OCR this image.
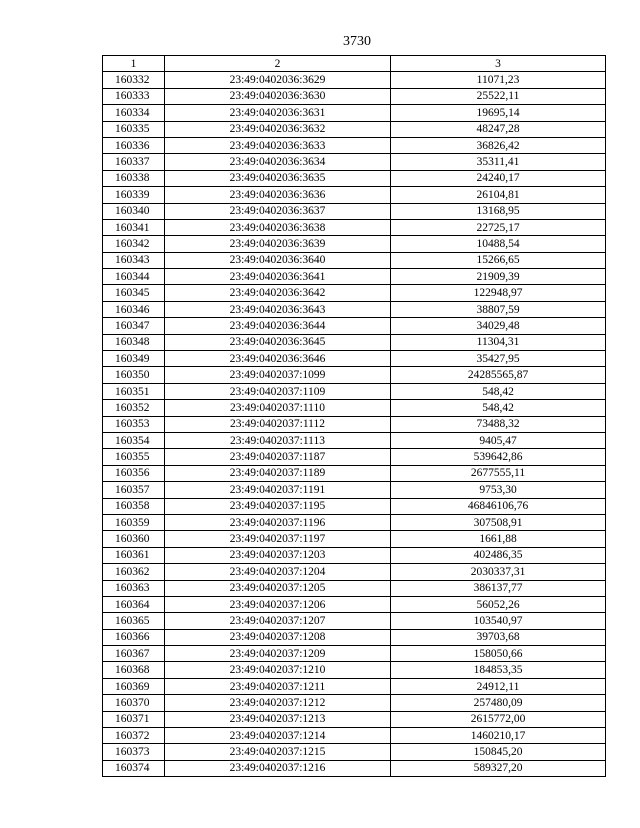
3730
1	2	3
160332	23:49:0402036:3629	11071,23
160333	23:49:0402036:3630	25522,11
160334	23:49:0402036:3631	19695,14
160335	23:49:0402036:3632	48247,28
160336	23:49:0402036:3633	36826,42
160337	23:49:0402036:3634	35311,41
160338	23:49:0402036:3635	24240,17
160339	23:49:0402036:3636	26104,81
160340	23:49:0402036:3637	13168,95
160341	23:49:0402036:3638	22725,17
160342	23:49:0402036:3639	10488,54
160343	23:49:0402036:3640	15266,65
160344	23:49:0402036:3641	21909,39
160345	23:49:0402036:3642	122948,97
160346	23:49:0402036:3643	38807,59
160347	23:49:0402036:3644	34029,48
160348	23:49:0402036:3645	11304,31
160349	23:49:0402036:3646	35427,95
160350	23:49:0402037:1099	24285565,87
160351	23:49:0402037:1109	548,42
160352	23:49:0402037:1110	548,42
160353	23:49:0402037:1112	73488,32
160354	23:49:0402037:1113	9405,47
160355	23:49:0402037:1187	539642,86
160356	23:49:0402037:1189	2677555,11
160357	23:49:0402037:1191	9753,30
160358	23:49:0402037:1195	46846106,76
160359	23:49:0402037:1196	307508,91
160360	23:49:0402037:1197	1661,88
160361	23:49:0402037:1203	402486,35
160362	23:49:0402037:1204	2030337,31
160363	23:49:0402037:1205	386137,77
160364	23:49:0402037:1206	56052,26
160365	23:49:0402037:1207	103540,97
160366	23:49:0402037:1208	39703,68
160367	23:49:0402037:1209	158050,66
160368	23:49:0402037:1210	184853,35
160369	23:49:0402037:1211	24912,11
160370	23:49:0402037:1212	257480,09
160371	23:49:0402037:1213	2615772,00
160372	23:49:0402037:1214	1460210,17
160373	23:49:0402037:1215	150845,20
160374	23:49:0402037:1216	589327,20
